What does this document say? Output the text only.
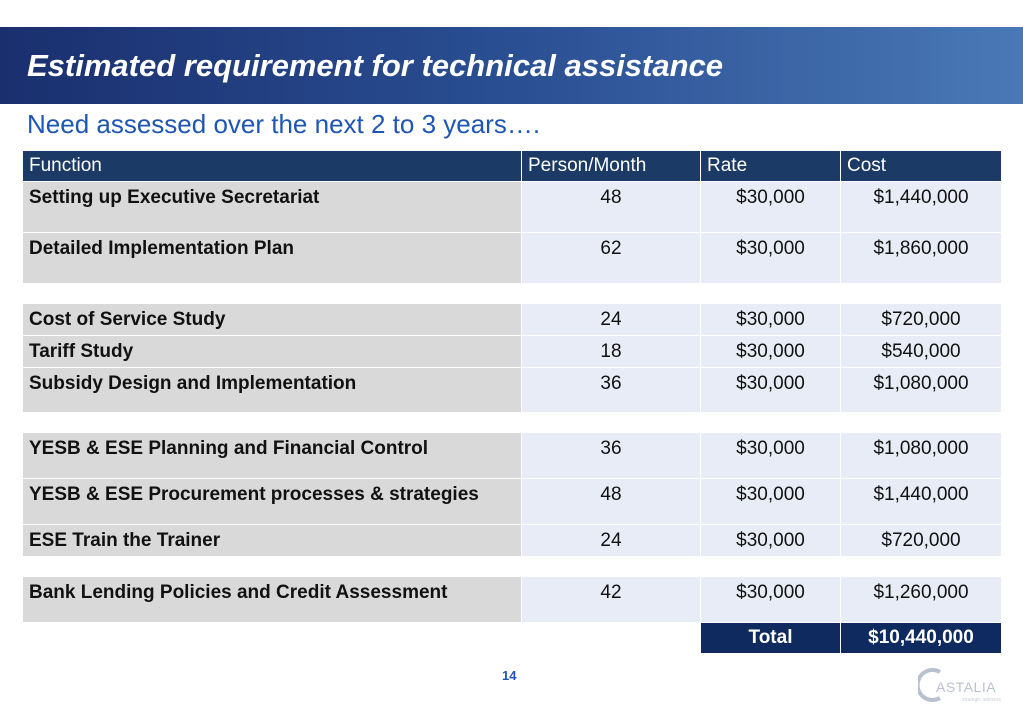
Estimated requirement for technical assistance
Need assessed over the next 2 to 3 years….
Function	Person/Month	Rate	Cost
Setting up Executive Secretariat	48	$30,000	$1,440,000
Detailed Implementation Plan	62	$30,000	$1,860,000

Cost of Service Study	24	$30,000	$720,000
Tariff Study	18	$30,000	$540,000
Subsidy Design and Implementation	36	$30,000	$1,080,000

YESB & ESE Planning and Financial Control	36	$30,000	$1,080,000
YESB & ESE Procurement processes & strategies	48	$30,000	$1,440,000
ESE Train the Trainer	24	$30,000	$720,000

Bank Lending Policies and Credit Assessment	42	$30,000	$1,260,000
		Total	$10,440,000
14
ASTALIA
strategic advisors
